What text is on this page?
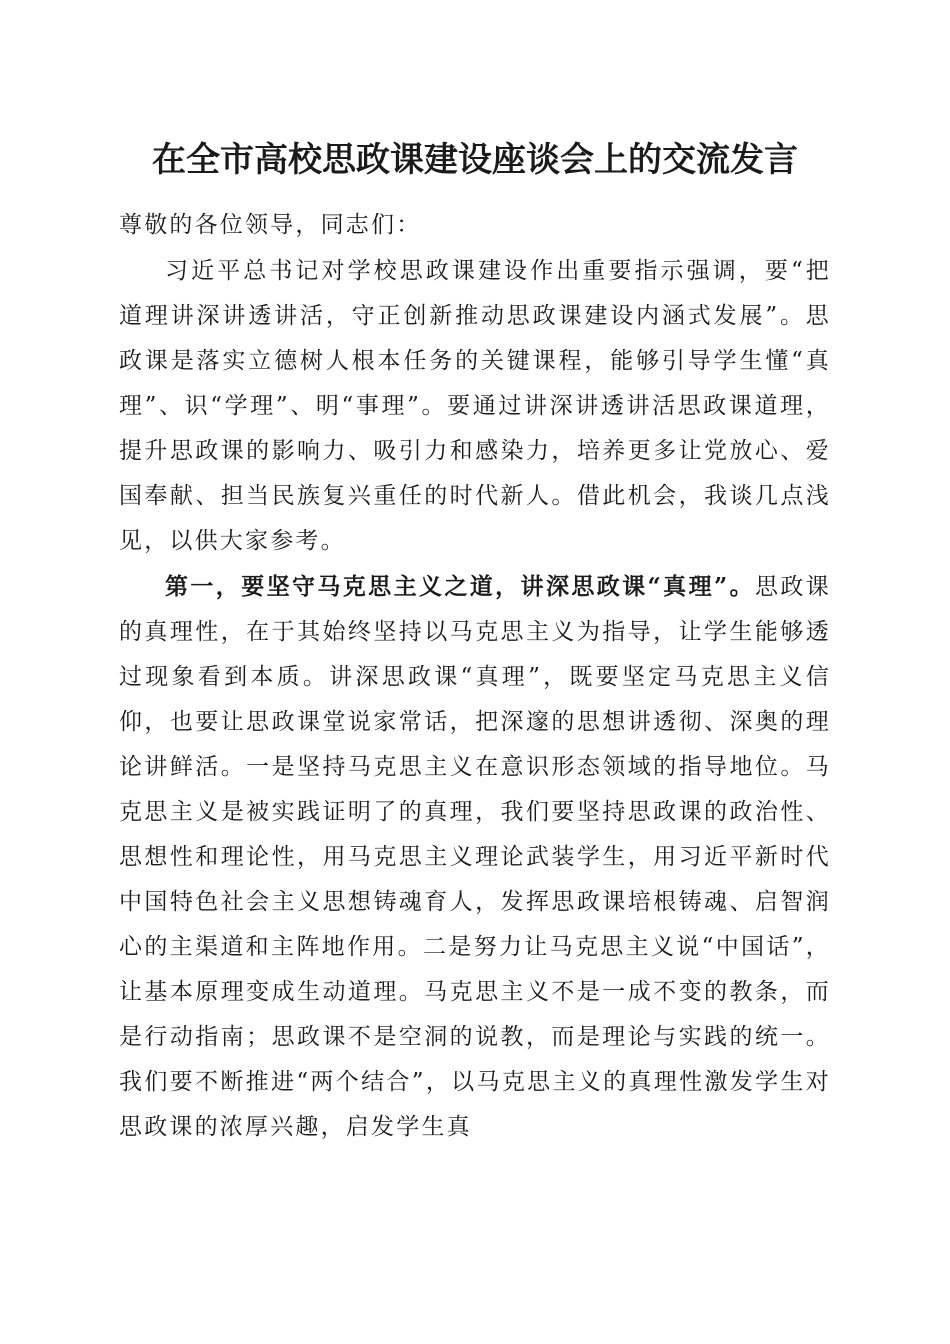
在全市高校思政课建设座谈会上的交流发言

尊敬的各位领导，同志们：

习近平总书记对学校思政课建设作出重要指示强调，要“把道理讲深讲透讲活，守正创新推动思政课建设内涵式发展”。思政课是落实立德树人根本任务的关键课程，能够引导学生懂“真理”、识“学理”、明“事理”。要通过讲深讲透讲活思政课道理，提升思政课的影响力、吸引力和感染力，培养更多让党放心、爱国奉献、担当民族复兴重任的时代新人。借此机会，我谈几点浅见，以供大家参考。

第一，要坚守马克思主义之道，讲深思政课“真理”。思政课的真理性，在于其始终坚持以马克思主义为指导，让学生能够透过现象看到本质。讲深思政课“真理”，既要坚定马克思主义信仰，也要让思政课堂说家常话，把深邃的思想讲透彻、深奥的理论讲鲜活。一是坚持马克思主义在意识形态领域的指导地位。马克思主义是被实践证明了的真理，我们要坚持思政课的政治性、思想性和理论性，用马克思主义理论武装学生，用习近平新时代中国特色社会主义思想铸魂育人，发挥思政课培根铸魂、启智润心的主渠道和主阵地作用。二是努力让马克思主义说“中国话”，让基本原理变成生动道理。马克思主义不是一成不变的教条，而是行动指南；思政课不是空洞的说教，而是理论与实践的统一。我们要不断推进“两个结合”，以马克思主义的真理性激发学生对思政课的浓厚兴趣，启发学生真
